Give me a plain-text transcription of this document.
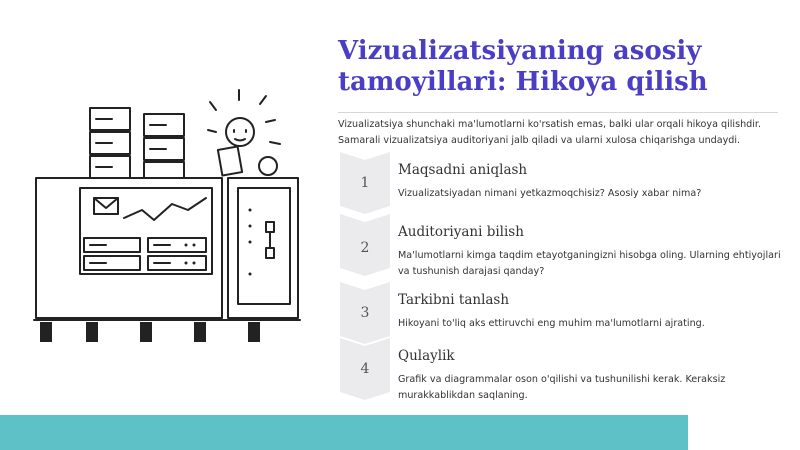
Vizualizatsiyaning asosiy tamoyillari: Hikoya qilish

Vizualizatsiya shunchaki ma'lumotlarni ko'rsatish emas, balki ular orqali hikoya qilishdir. Samarali vizualizatsiya auditoriyani jalb qiladi va ularni xulosa chiqarishga undaydi.

1
Maqsadni aniqlash
Vizualizatsiyadan nimani yetkazmoqchisiz? Asosiy xabar nima?
2
Auditoriyani bilish
Ma'lumotlarni kimga taqdim etayotganingizni hisobga oling. Ularning ehtiyojlari va tushunish darajasi qanday?
3
Tarkibni tanlash
Hikoyani to'liq aks ettiruvchi eng muhim ma'lumotlarni ajrating.
4
Qulaylik
Grafik va diagrammalar oson o'qilishi va tushunilishi kerak. Keraksiz murakkablikdan saqlaning.
